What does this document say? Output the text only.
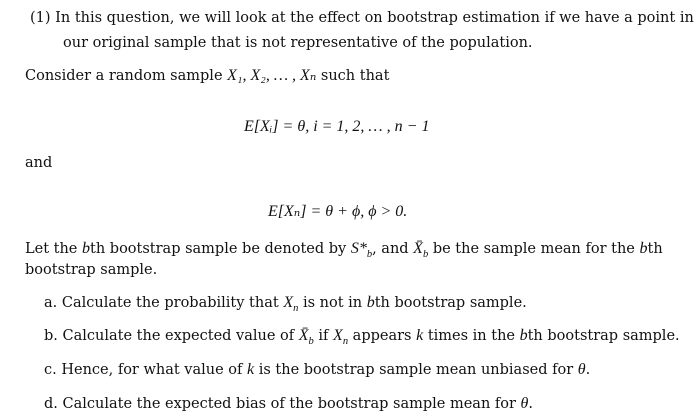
(1) In this question, we will look at the effect on bootstrap estimation if we have a point in
our original sample that is not representative of the population.
Consider a random sample X₁, X₂, … , Xₙ such that
E[Xᵢ] = θ, i = 1, 2, … , n − 1
and
E[Xₙ] = θ + ϕ, ϕ > 0.
Let the bth bootstrap sample be denoted by $S*_b$, and $X̄_b$ be the sample mean for the bth
bootstrap sample.
a. Calculate the probability that $X_n$ is not in bth bootstrap sample.
b. Calculate the expected value of $X̄_b$ if $X_n$ appears k times in the bth bootstrap sample.
c. Hence, for what value of k is the bootstrap sample mean unbiased for θ.
d. Calculate the expected bias of the bootstrap sample mean for θ.
